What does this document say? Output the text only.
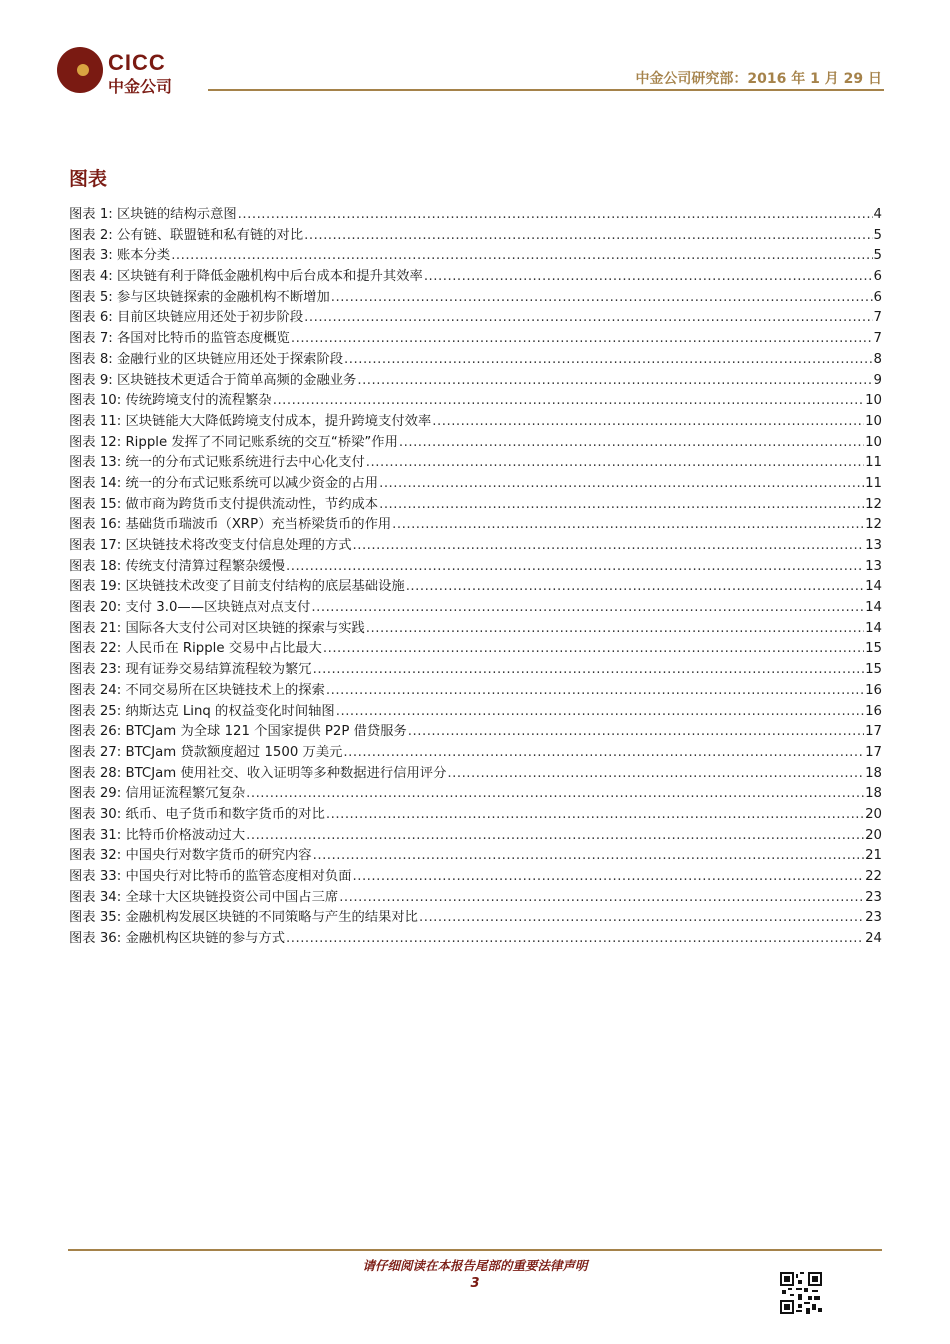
CICC
中金公司	中金公司研究部：2016 年 1 月 29 日
图表
图表 1: 区块链的结构示意图 .....	4
图表 2: 公有链、联盟链和私有链的对比 .....	5
图表 3: 账本分类 .....	5
图表 4: 区块链有利于降低金融机构中后台成本和提升其效率 .....	6
图表 5: 参与区块链探索的金融机构不断增加 .....	6
图表 6: 目前区块链应用还处于初步阶段 .....	7
图表 7: 各国对比特币的监管态度概览 .....	7
图表 8: 金融行业的区块链应用还处于探索阶段 .....	8
图表 9: 区块链技术更适合于简单高频的金融业务 .....	9
图表 10: 传统跨境支付的流程繁杂 .....	10
图表 11: 区块链能大大降低跨境支付成本，提升跨境支付效率 .....	10
图表 12: Ripple 发挥了不同记账系统的交互“桥梁”作用 .....	10
图表 13: 统一的分布式记账系统进行去中心化支付 .....	11
图表 14: 统一的分布式记账系统可以减少资金的占用 .....	11
图表 15: 做市商为跨货币支付提供流动性，节约成本 .....	12
图表 16: 基础货币瑞波币（XRP）充当桥梁货币的作用 .....	12
图表 17: 区块链技术将改变支付信息处理的方式 .....	13
图表 18: 传统支付清算过程繁杂缓慢 .....	13
图表 19: 区块链技术改变了目前支付结构的底层基础设施 .....	14
图表 20: 支付 3.0——区块链点对点支付 .....	14
图表 21: 国际各大支付公司对区块链的探索与实践 .....	14
图表 22: 人民币在 Ripple 交易中占比最大 .....	15
图表 23: 现有证券交易结算流程较为繁冗 .....	15
图表 24: 不同交易所在区块链技术上的探索 .....	16
图表 25: 纳斯达克 Linq 的权益变化时间轴图 .....	16
图表 26: BTCJam 为全球 121 个国家提供 P2P 借贷服务 .....	17
图表 27: BTCJam 贷款额度超过 1500 万美元 .....	17
图表 28: BTCJam 使用社交、收入证明等多种数据进行信用评分 .....	18
图表 29: 信用证流程繁冗复杂 .....	18
图表 30: 纸币、电子货币和数字货币的对比 .....	20
图表 31: 比特币价格波动过大 .....	20
图表 32: 中国央行对数字货币的研究内容 .....	21
图表 33: 中国央行对比特币的监管态度相对负面 .....	22
图表 34: 全球十大区块链投资公司中国占三席 .....	23
图表 35: 金融机构发展区块链的不同策略与产生的结果对比 .....	23
图表 36: 金融机构区块链的参与方式 .....	24
请仔细阅读在本报告尾部的重要法律声明
3
